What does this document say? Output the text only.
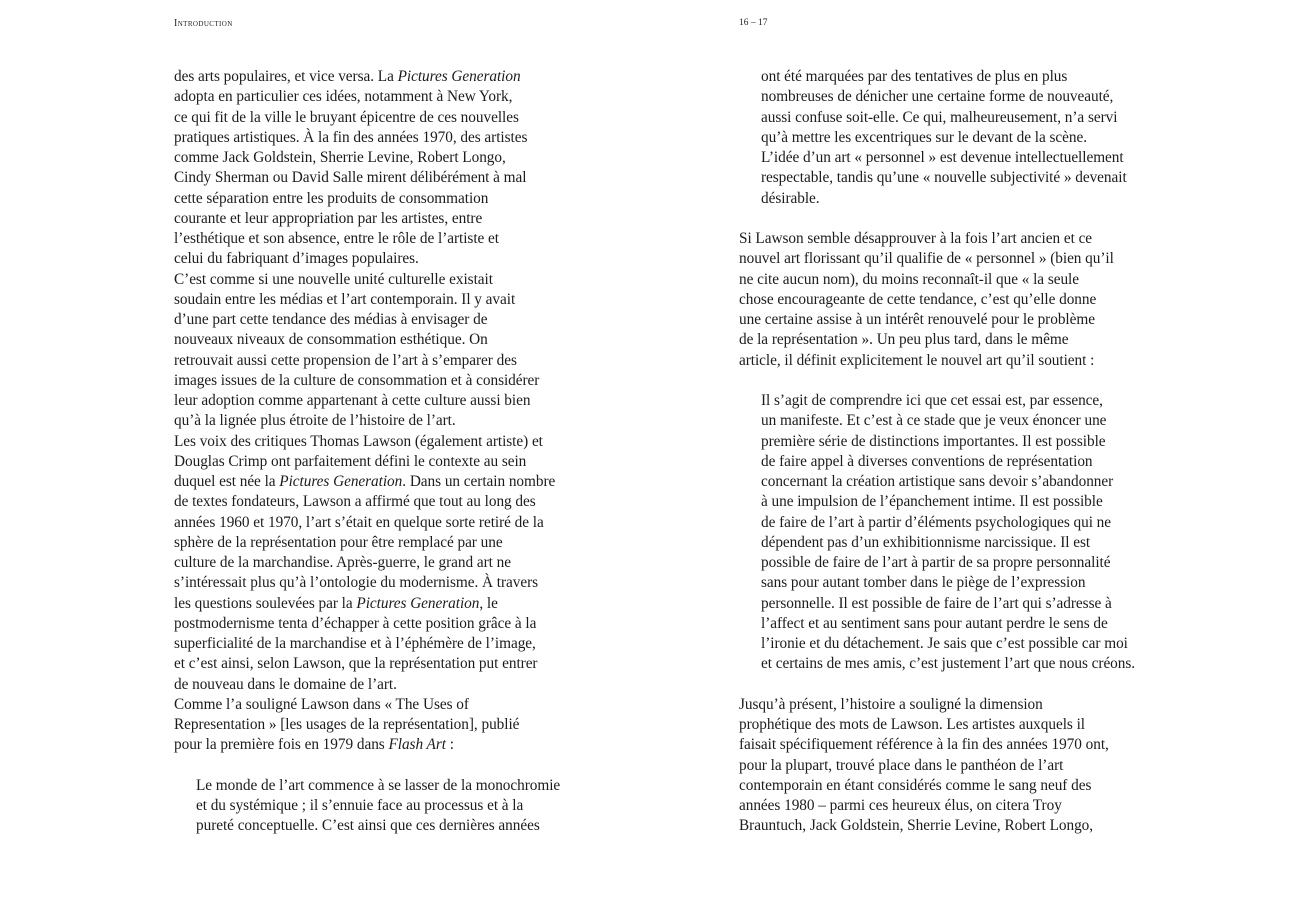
Introduction	16 – 17
des arts populaires, et vice versa. La Pictures Generation
adopta en particulier ces idées, notamment à New York,
ce qui fit de la ville le bruyant épicentre de ces nouvelles
pratiques artistiques. À la fin des années 1970, des artistes
comme Jack Goldstein, Sherrie Levine, Robert Longo,
Cindy Sherman ou David Salle mirent délibérément à mal
cette séparation entre les produits de consommation
courante et leur appropriation par les artistes, entre
l’esthétique et son absence, entre le rôle de l’artiste et
celui du fabriquant d’images populaires.
C’est comme si une nouvelle unité culturelle existait
soudain entre les médias et l’art contemporain. Il y avait
d’une part cette tendance des médias à envisager de
nouveaux niveaux de consommation esthétique. On
retrouvait aussi cette propension de l’art à s’emparer des
images issues de la culture de consommation et à considérer
leur adoption comme appartenant à cette culture aussi bien
qu’à la lignée plus étroite de l’histoire de l’art.
Les voix des critiques Thomas Lawson (également artiste) et
Douglas Crimp ont parfaitement défini le contexte au sein
duquel est née la Pictures Generation. Dans un certain nombre
de textes fondateurs, Lawson a affirmé que tout au long des
années 1960 et 1970, l’art s’était en quelque sorte retiré de la
sphère de la représentation pour être remplacé par une
culture de la marchandise. Après-guerre, le grand art ne
s’intéressait plus qu’à l’ontologie du modernisme. À travers
les questions soulevées par la Pictures Generation, le
postmodernisme tenta d’échapper à cette position grâce à la
superficialité de la marchandise et à l’éphémère de l’image,
et c’est ainsi, selon Lawson, que la représentation put entrer
de nouveau dans le domaine de l’art.
Comme l’a souligné Lawson dans « The Uses of
Representation » [les usages de la représentation], publié
pour la première fois en 1979 dans Flash Art :
Le monde de l’art commence à se lasser de la monochromie
et du systémique ; il s’ennuie face au processus et à la
pureté conceptuelle. C’est ainsi que ces dernières années
ont été marquées par des tentatives de plus en plus
nombreuses de dénicher une certaine forme de nouveauté,
aussi confuse soit-elle. Ce qui, malheureusement, n’a servi
qu’à mettre les excentriques sur le devant de la scène.
L’idée d’un art « personnel » est devenue intellectuellement
respectable, tandis qu’une « nouvelle subjectivité » devenait
désirable.
Si Lawson semble désapprouver à la fois l’art ancien et ce
nouvel art florissant qu’il qualifie de « personnel » (bien qu’il
ne cite aucun nom), du moins reconnaît-il que « la seule
chose encourageante de cette tendance, c’est qu’elle donne
une certaine assise à un intérêt renouvelé pour le problème
de la représentation ». Un peu plus tard, dans le même
article, il définit explicitement le nouvel art qu’il soutient :
Il s’agit de comprendre ici que cet essai est, par essence,
un manifeste. Et c’est à ce stade que je veux énoncer une
première série de distinctions importantes. Il est possible
de faire appel à diverses conventions de représentation
concernant la création artistique sans devoir s’abandonner
à une impulsion de l’épanchement intime. Il est possible
de faire de l’art à partir d’éléments psychologiques qui ne
dépendent pas d’un exhibitionnisme narcissique. Il est
possible de faire de l’art à partir de sa propre personnalité
sans pour autant tomber dans le piège de l’expression
personnelle. Il est possible de faire de l’art qui s’adresse à
l’affect et au sentiment sans pour autant perdre le sens de
l’ironie et du détachement. Je sais que c’est possible car moi
et certains de mes amis, c’est justement l’art que nous créons.
Jusqu’à présent, l’histoire a souligné la dimension
prophétique des mots de Lawson. Les artistes auxquels il
faisait spécifiquement référence à la fin des années 1970 ont,
pour la plupart, trouvé place dans le panthéon de l’art
contemporain en étant considérés comme le sang neuf des
années 1980 – parmi ces heureux élus, on citera Troy
Brauntuch, Jack Goldstein, Sherrie Levine, Robert Longo,
